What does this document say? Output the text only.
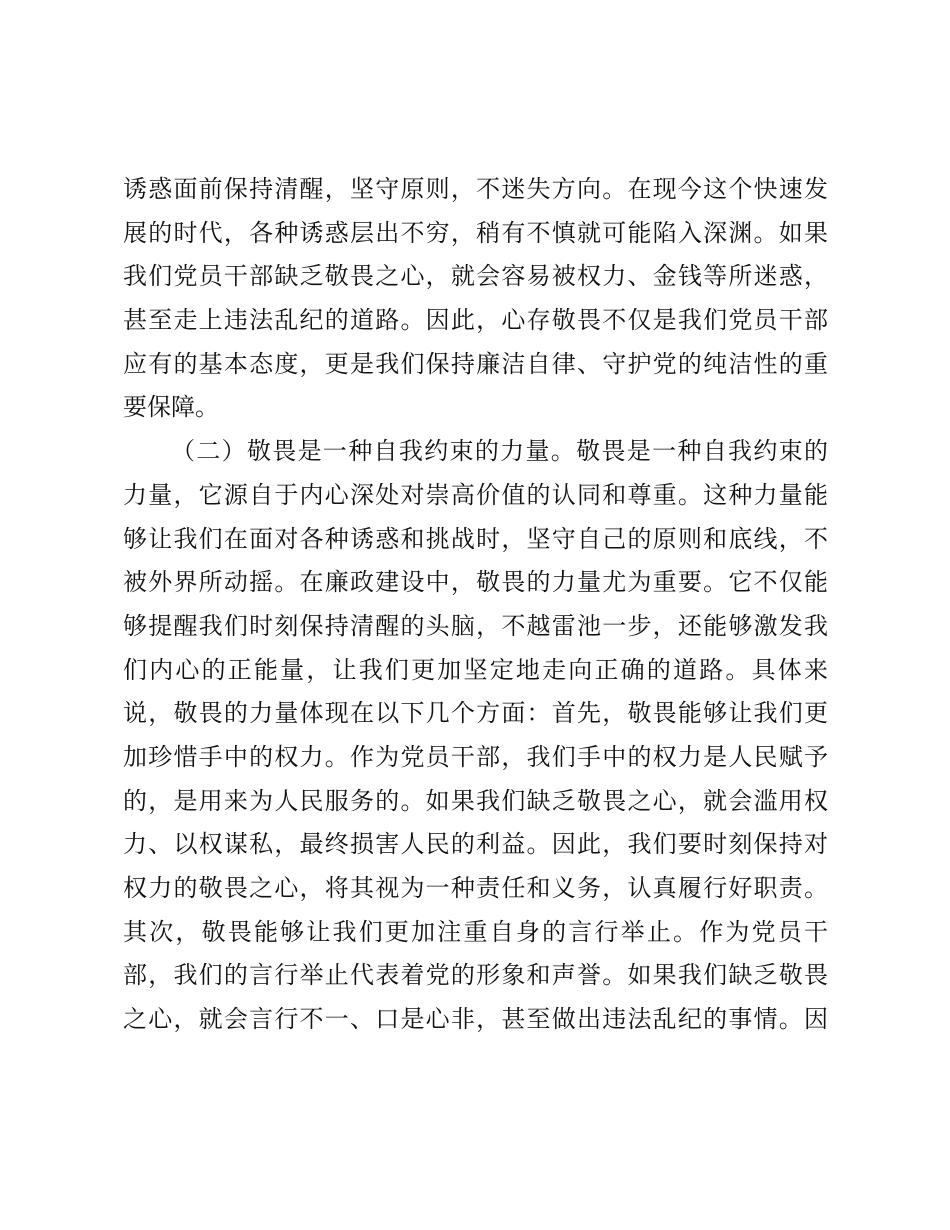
诱惑面前保持清醒，坚守原则，不迷失方向。在现今这个快速发
展的时代，各种诱惑层出不穷，稍有不慎就可能陷入深渊。如果
我们党员干部缺乏敬畏之心，就会容易被权力、金钱等所迷惑，
甚至走上违法乱纪的道路。因此，心存敬畏不仅是我们党员干部
应有的基本态度，更是我们保持廉洁自律、守护党的纯洁性的重
要保障。
（二）敬畏是一种自我约束的力量。敬畏是一种自我约束的
力量，它源自于内心深处对崇高价值的认同和尊重。这种力量能
够让我们在面对各种诱惑和挑战时，坚守自己的原则和底线，不
被外界所动摇。在廉政建设中，敬畏的力量尤为重要。它不仅能
够提醒我们时刻保持清醒的头脑，不越雷池一步，还能够激发我
们内心的正能量，让我们更加坚定地走向正确的道路。具体来
说，敬畏的力量体现在以下几个方面：首先，敬畏能够让我们更
加珍惜手中的权力。作为党员干部，我们手中的权力是人民赋予
的，是用来为人民服务的。如果我们缺乏敬畏之心，就会滥用权
力、以权谋私，最终损害人民的利益。因此，我们要时刻保持对
权力的敬畏之心，将其视为一种责任和义务，认真履行好职责。
其次，敬畏能够让我们更加注重自身的言行举止。作为党员干
部，我们的言行举止代表着党的形象和声誉。如果我们缺乏敬畏
之心，就会言行不一、口是心非，甚至做出违法乱纪的事情。因
